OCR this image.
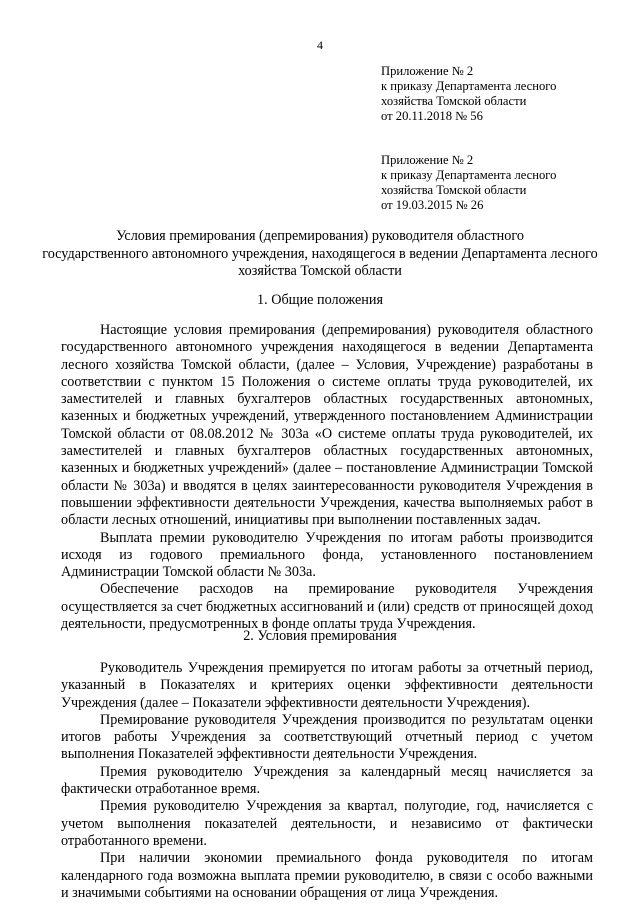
4
Приложение № 2
к приказу Департамента лесного
хозяйства Томской области
от 20.11.2018 № 56
Приложение № 2
к приказу Департамента лесного
хозяйства Томской области
от 19.03.2015 № 26
Условия премирования (депремирования) руководителя областного
государственного автономного учреждения, находящегося в ведении Департамента лесного
хозяйства Томской области
1. Общие положения

Настоящие условия премирования (депремирования) руководителя областного государственного автономного учреждения находящегося в ведении Департамента лесного хозяйства Томской области, (далее – Условия, Учреждение) разработаны в соответствии с пунктом 15 Положения о системе оплаты труда руководителей, их заместителей и главных бухгалтеров областных государственных автономных, казенных и бюджетных учреждений, утвержденного постановлением Администрации Томской области от 08.08.2012 № 303а «О системе оплаты труда руководителей, их заместителей и главных бухгалтеров областных государственных автономных, казенных и бюджетных учреждений» (далее – постановление Администрации Томской области № 303а) и вводятся в целях заинтересованности руководителя Учреждения в повышении эффективности деятельности Учреждения, качества выполняемых работ в области лесных отношений, инициативы при выполнении поставленных задач.

Выплата премии руководителю Учреждения по итогам работы производится исходя из годового премиального фонда, установленного постановлением Администрации Томской области № 303а.

Обеспечение расходов на премирование руководителя Учреждения осуществляется за счет бюджетных ассигнований и (или) средств от приносящей доход деятельности, предусмотренных в фонде оплаты труда Учреждения.

2. Условия премирования

Руководитель Учреждения премируется по итогам работы за отчетный период, указанный в Показателях и критериях оценки эффективности деятельности Учреждения (далее – Показатели эффективности деятельности Учреждения).

Премирование руководителя Учреждения производится по результатам оценки итогов работы Учреждения за соответствующий отчетный период с учетом выполнения Показателей эффективности деятельности Учреждения.

Премия руководителю Учреждения за календарный месяц начисляется за фактически отработанное время.

Премия руководителю Учреждения за квартал, полугодие, год, начисляется с учетом выполнения показателей деятельности, и независимо от фактически отработанного времени.

При наличии экономии премиального фонда руководителя по итогам календарного года возможна выплата премии руководителю, в связи с особо важными и значимыми событиями на основании обращения от лица Учреждения.
